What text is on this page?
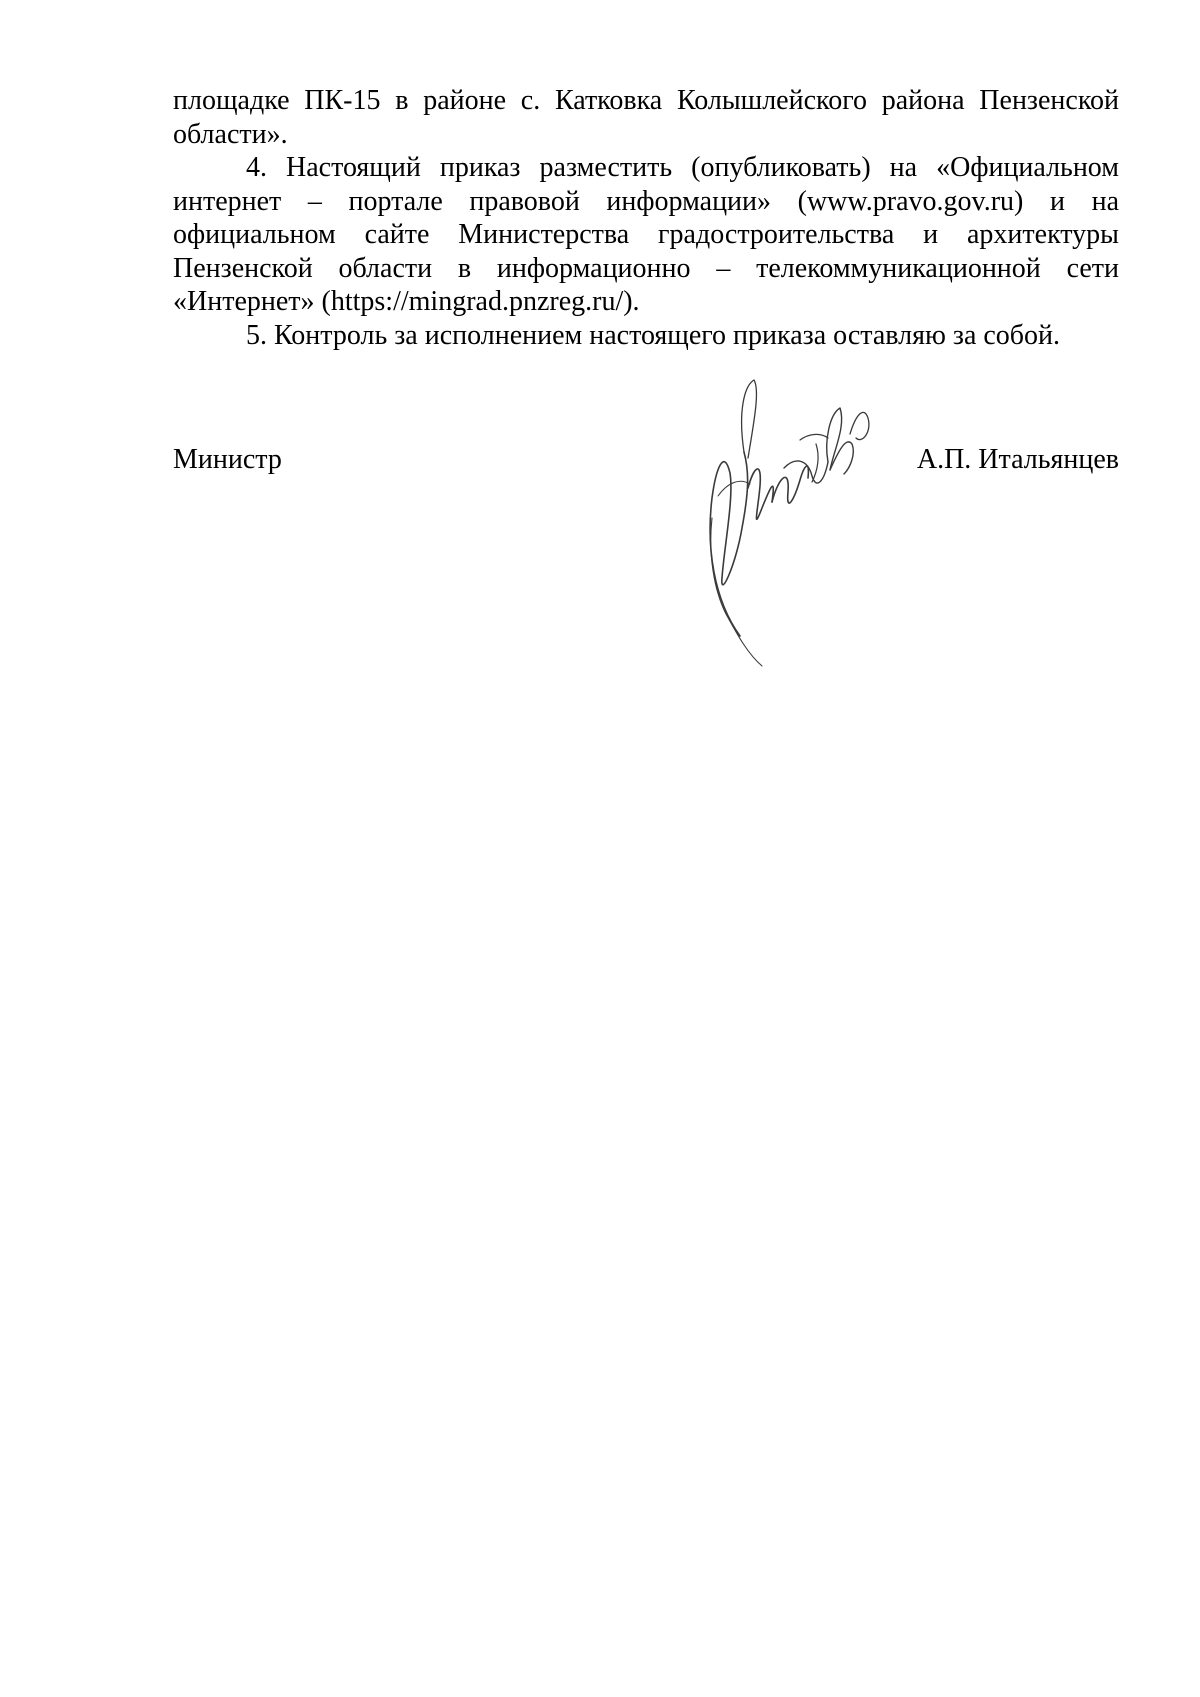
площадке ПК-15 в районе с. Катковка Колышлейского района Пензенской
области».
4. Настоящий приказ разместить (опубликовать) на «Официальном
интернет – портале правовой информации» (www.pravo.gov.ru) и на
официальном сайте Министерства градостроительства и архитектуры
Пензенской области в информационно – телекоммуникационной сети
«Интернет» (https://mingrad.pnzreg.ru/).
5. Контроль за исполнением настоящего приказа оставляю за собой.
Министр	А.П. Итальянцев
